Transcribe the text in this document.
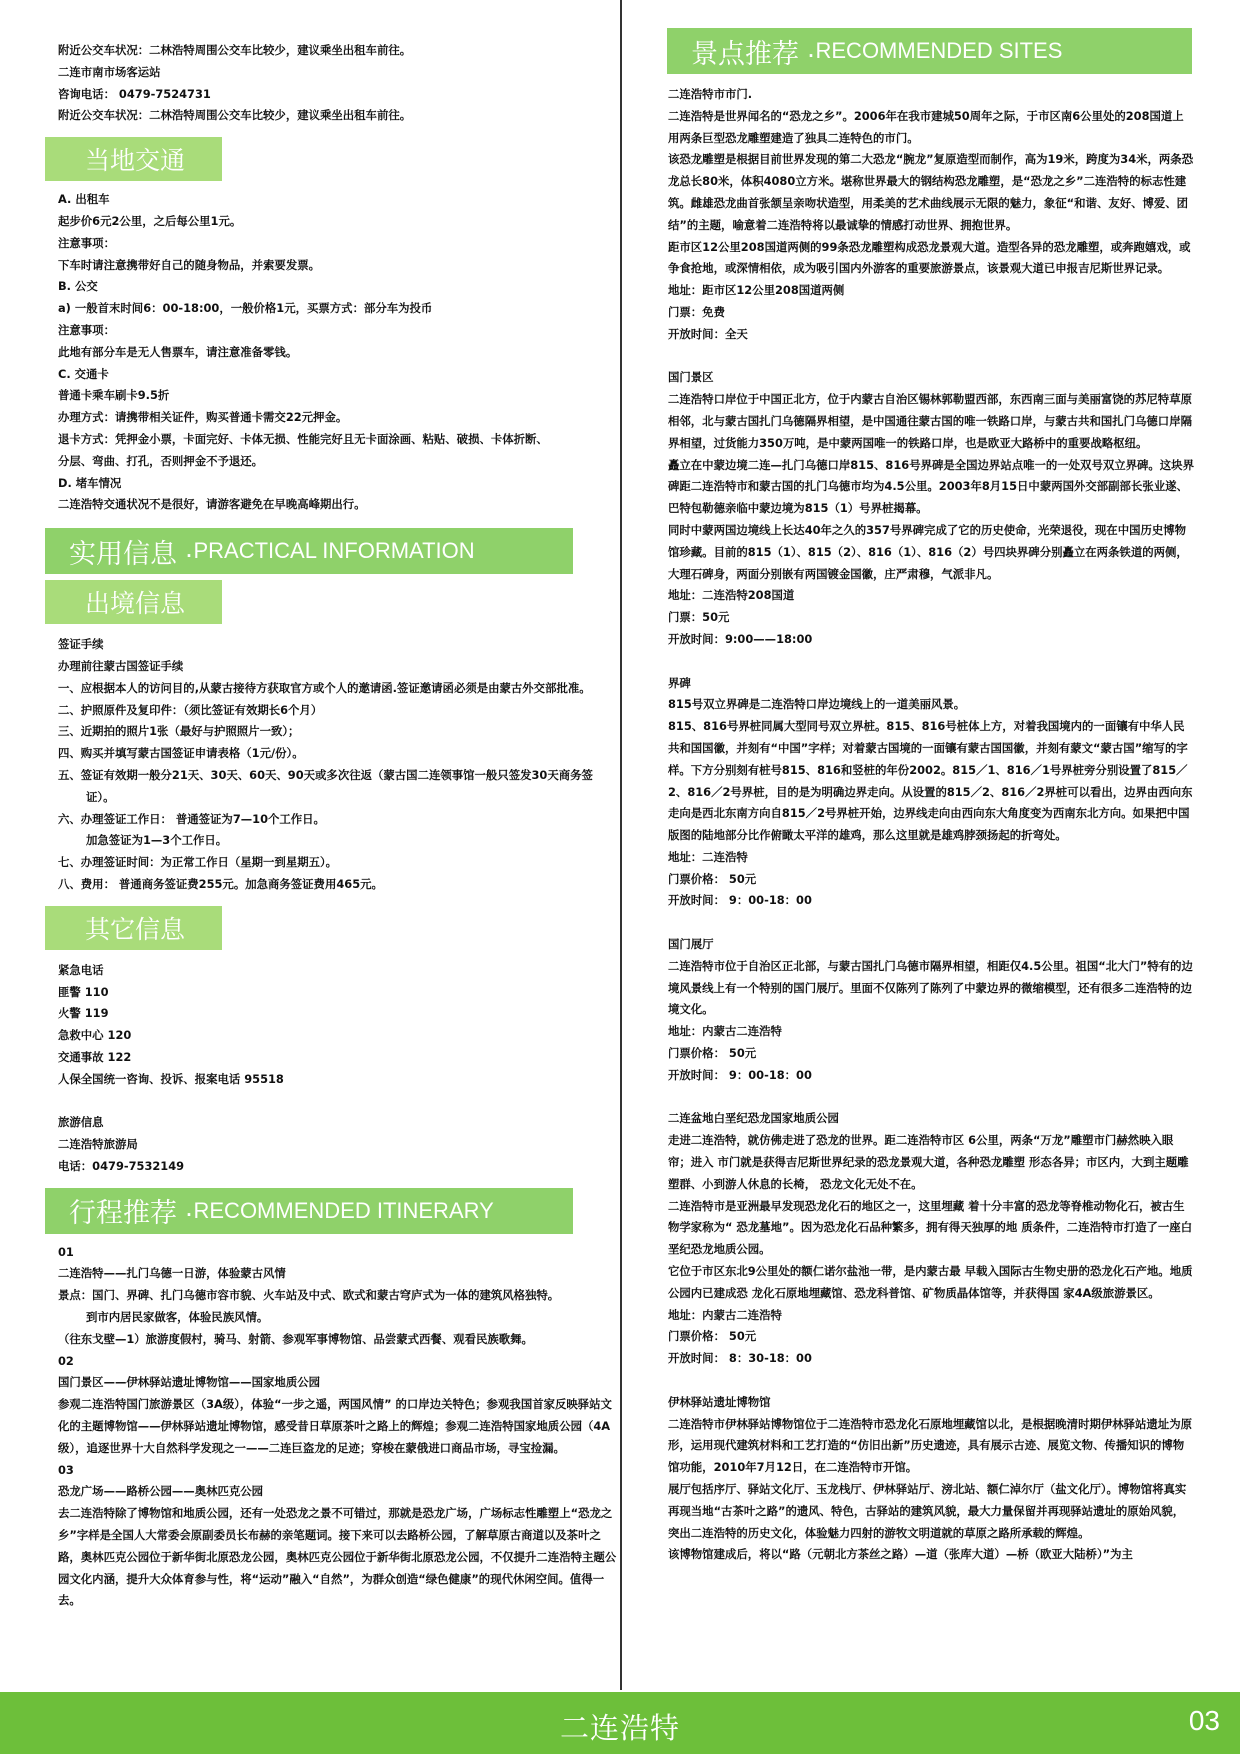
附近公交车状况：二林浩特周围公交车比较少，建议乘坐出租车前往。
二连市南市场客运站
咨询电话： 0479-7524731
附近公交车状况：二林浩特周围公交车比较少，建议乘坐出租车前往。
当地交通
A. 出租车
起步价6元2公里，之后每公里1元。
注意事项：
下车时请注意携带好自己的随身物品，并索要发票。
B. 公交
a) 一般首末时间6：00-18:00，一般价格1元，买票方式：部分车为投币
注意事项：
此地有部分车是无人售票车，请注意准备零钱。
C. 交通卡
普通卡乘车刷卡9.5折
办理方式：请携带相关证件，购买普通卡需交22元押金。
退卡方式：凭押金小票，卡面完好、卡体无损、性能完好且无卡面涂画、粘贴、破损、卡体折断、
分层、弯曲、打孔，否则押金不予退还。
D. 堵车情况
二连浩特交通状况不是很好，请游客避免在早晚高峰期出行。
实用信息 · PRACTICAL INFORMATION
出境信息
签证手续
办理前往蒙古国签证手续
一、应根据本人的访问目的,从蒙古接待方获取官方或个人的邀请函.签证邀请函必须是由蒙古外交部批准。
二、护照原件及复印件：（须比签证有效期长6个月）
三、近期拍的照片1张（最好与护照照片一致）；
四、购买并填写蒙古国签证申请表格（1元/份）。
五、签证有效期一般分21天、30天、60天、90天或多次往返（蒙古国二连领事馆一般只签发30天商务签证）。
六、办理签证工作日： 普通签证为7—10个工作日。
加急签证为1—3个工作日。
七、办理签证时间：为正常工作日（星期一到星期五）。
八、费用： 普通商务签证费255元。加急商务签证费用465元。
其它信息
紧急电话
匪警 110
火警 119
急救中心 120
交通事故 122
人保全国统一咨询、投诉、报案电话 95518
旅游信息
二连浩特旅游局
电话：0479-7532149
行程推荐 · RECOMMENDED ITINERARY
01
二连浩特——扎门乌德一日游，体验蒙古风情
景点：国门、界碑、扎门乌德市容市貌、火车站及中式、欧式和蒙古穹庐式为一体的建筑风格独特。
到市内居民家做客，体验民族风情。
（往东戈壁—1）旅游度假村，骑马、射箭、参观军事博物馆、品尝蒙式西餐、观看民族歌舞。
02
国门景区——伊林驿站遗址博物馆——国家地质公园
参观二连浩特国门旅游景区（3A级），体验“一步之遥，两国风情” 的口岸边关特色；参观我国首家反映驿站文化的主题博物馆——伊林驿站遗址博物馆，感受昔日草原茶叶之路上的辉煌；参观二连浩特国家地质公园（4A级），追逐世界十大自然科学发现之一——二连巨盗龙的足迹；穿梭在蒙俄进口商品市场，寻宝捡漏。
03
恐龙广场——路桥公园——奥林匹克公园
去二连浩特除了博物馆和地质公园，还有一处恐龙之景不可错过，那就是恐龙广场，广场标志性雕塑上“恐龙之乡”字样是全国人大常委会原副委员长布赫的亲笔题词。接下来可以去路桥公园，了解草原古商道以及茶叶之路，奥林匹克公园位于新华街北原恐龙公园，奥林匹克公园位于新华街北原恐龙公园，不仅提升二连浩特主题公园文化内涵，提升大众体育参与性，将“运动”融入“自然”，为群众创造“绿色健康”的现代休闲空间。值得一去。
景点推荐 · RECOMMENDED SITES
二连浩特市市门.
二连浩特是世界闻名的“恐龙之乡”。2006年在我市建城50周年之际，于市区南6公里处的208国道上用两条巨型恐龙雕塑建造了独具二连特色的市门。
该恐龙雕塑是根据目前世界发现的第二大恐龙“腕龙”复原造型而制作，高为19米，跨度为34米，两条恐龙总长80米，体积4080立方米。堪称世界最大的钢结构恐龙雕塑，是“恐龙之乡”二连浩特的标志性建筑。雌雄恐龙曲首张颔呈亲吻状造型，用柔美的艺术曲线展示无限的魅力，象征“和谐、友好、博爱、团结”的主题，喻意着二连浩特将以最诚挚的情感打动世界、拥抱世界。
距市区12公里208国道两侧的99条恐龙雕塑构成恐龙景观大道。造型各异的恐龙雕塑，或奔跑嬉戏，或争食抢地，或深情相依，成为吸引国内外游客的重要旅游景点，该景观大道已申报吉尼斯世界记录。
地址：距市区12公里208国道两侧
门票：免费
开放时间：全天
国门景区
二连浩特口岸位于中国正北方，位于内蒙古自治区锡林郭勒盟西部，东西南三面与美丽富饶的苏尼特草原相邻，北与蒙古国扎门乌德隔界相望，是中国通往蒙古国的唯一铁路口岸，与蒙古共和国扎门乌德口岸隔界相望，过货能力350万吨，是中蒙两国唯一的铁路口岸，也是欧亚大路桥中的重要战略枢纽。
矗立在中蒙边境二连—扎门乌德口岸815、816号界碑是全国边界站点唯一的一处双号双立界碑。这块界碑距二连浩特市和蒙古国的扎门乌德市均为4.5公里。2003年8月15日中蒙两国外交部副部长张业遂、巴特包勒德亲临中蒙边境为815（1）号界桩揭幕。
同时中蒙两国边境线上长达40年之久的357号界碑完成了它的历史使命，光荣退役，现在中国历史博物馆珍藏。目前的815（1）、815（2）、816（1）、816（2）号四块界碑分别矗立在两条铁道的两侧，大理石碑身，两面分别嵌有两国镀金国徽，庄严肃穆，气派非凡。
地址：二连浩特208国道
门票：50元
开放时间：9:00——18:00
界碑
815号双立界碑是二连浩特口岸边境线上的一道美丽风景。
815、816号界桩同属大型同号双立界桩。815、816号桩体上方，对着我国境内的一面镶有中华人民共和国国徽，并刻有“中国”字样；对着蒙古国境的一面镶有蒙古国国徽，并刻有蒙文“蒙古国”缩写的字样。下方分别刻有桩号815、816和竖桩的年份2002。815／1、816／1号界桩旁分别设置了815／2、816／2号界桩，目的是为明确边界走向。从设置的815／2、816／2界桩可以看出，边界由西向东走向是西北东南方向自815／2号界桩开始，边界线走向由西向东大角度变为西南东北方向。如果把中国版图的陆地部分比作俯瞰太平洋的雄鸡，那么这里就是雄鸡脖颈扬起的折弯处。
地址：二连浩特
门票价格： 50元
开放时间： 9：00-18：00
国门展厅
二连浩特市位于自治区正北部，与蒙古国扎门乌德市隔界相望，相距仅4.5公里。祖国“北大门”特有的边境风景线上有一个特别的国门展厅。里面不仅陈列了陈列了中蒙边界的微缩模型，还有很多二连浩特的边境文化。
地址：内蒙古二连浩特
门票价格： 50元
开放时间： 9：00-18：00
二连盆地白垩纪恐龙国家地质公园
走进二连浩特，就仿佛走进了恐龙的世界。距二连浩特市区 6公里，两条“万龙”雕塑市门赫然映入眼帘；进入 市门就是获得吉尼斯世界纪录的恐龙景观大道，各种恐龙雕塑 形态各异；市区内，大到主题雕塑群、小到游人休息的长椅， 恐龙文化无处不在。
二连浩特市是亚洲最早发现恐龙化石的地区之一，这里埋藏 着十分丰富的恐龙等脊椎动物化石，被古生物学家称为“ 恐龙墓地”。因为恐龙化石品种繁多，拥有得天独厚的地 质条件，二连浩特市打造了一座白垩纪恐龙地质公园。
它位于市区东北9公里处的额仁诺尔盐池一带，是内蒙古最 早载入国际古生物史册的恐龙化石产地。地质公园内已建成恐 龙化石原地埋藏馆、恐龙科普馆、矿物质晶体馆等，并获得国 家4A级旅游景区。
地址：内蒙古二连浩特
门票价格： 50元
开放时间： 8：30-18：00
伊林驿站遗址博物馆
二连浩特市伊林驿站博物馆位于二连浩特市恐龙化石原地埋藏馆以北，是根据晚清时期伊林驿站遗址为原形，运用现代建筑材料和工艺打造的“仿旧出新”历史遗迹，具有展示古迹、展览文物、传播知识的博物馆功能，2010年7月12日，在二连浩特市开馆。
展厅包括序厅、驿站文化厅、玉龙栈厅、伊林驿站厅、滂北站、额仁淖尔厅（盐文化厅）。博物馆将真实再现当地“古茶叶之路”的遗风、特色，古驿站的建筑风貌，最大力量保留并再现驿站遗址的原始风貌，突出二连浩特的历史文化，体验魅力四射的游牧文明道就的草原之路所承载的辉煌。
该博物馆建成后，将以“路（元朝北方茶丝之路）—道（张库大道）—桥（欧亚大陆桥）”为主
二连浩特	03
